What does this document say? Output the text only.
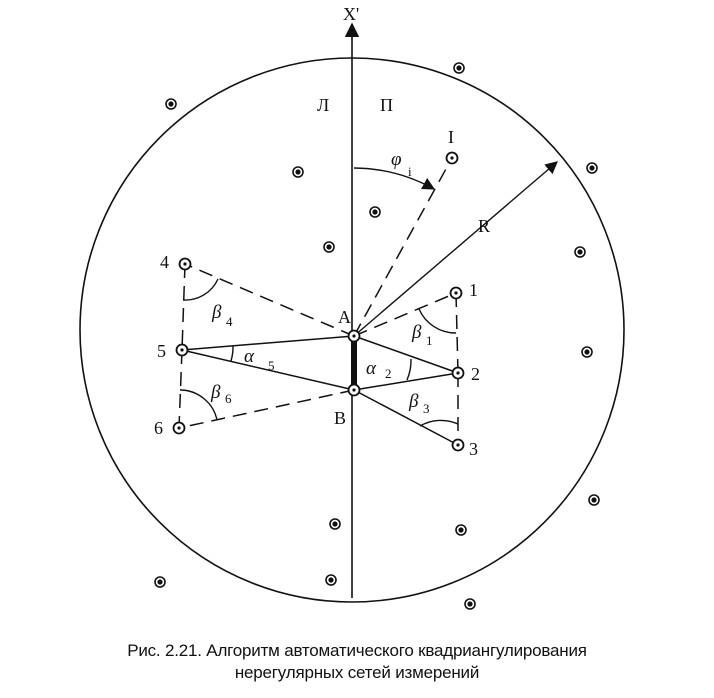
X'
Л	П
I
φ
i
R
A
B
1
2
3
4
5
6
β 1
α 2
β 3
β 4
α 5
β 6
Рис. 2.21. Алгоритм автоматического квадриангулирования
нерегулярных сетей измерений
